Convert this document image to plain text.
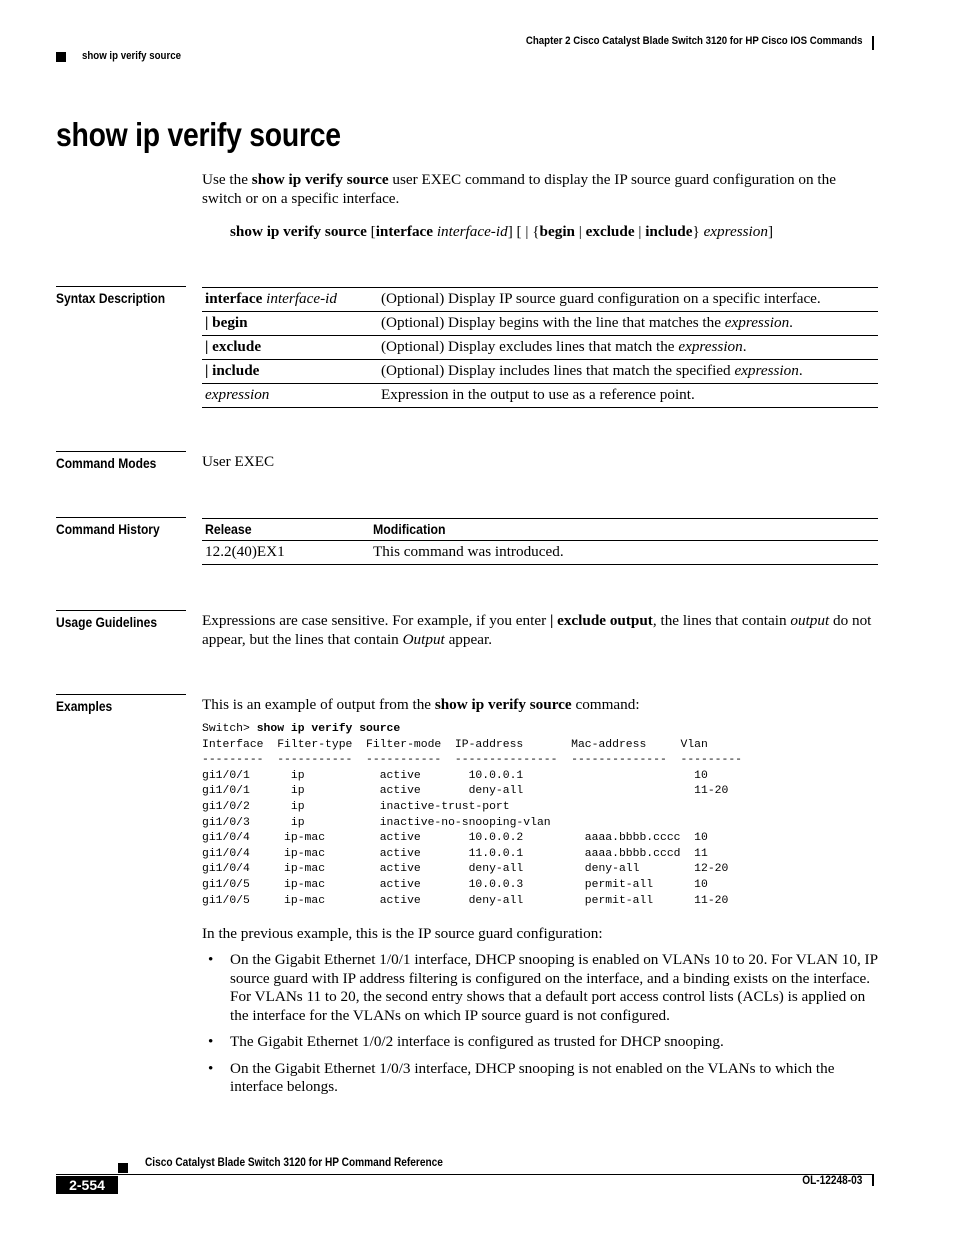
Chapter 2 Cisco Catalyst Blade Switch 3120 for HP Cisco IOS Commands
show ip verify source
show ip verify source
Use the show ip verify source user EXEC command to display the IP source guard configuration on the switch or on a specific interface.
show ip verify source [interface interface-id] [ | {begin | exclude | include} expression]
Syntax Description	interface interface-id	(Optional) Display IP source guard configuration on a specific interface.
| begin	(Optional) Display begins with the line that matches the expression.
| exclude	(Optional) Display excludes lines that match the expression.
| include	(Optional) Display includes lines that match the specified expression.
expression	Expression in the output to use as a reference point.
Command Modes	User EXEC
Command History	Release	Modification
12.2(40)EX1	This command was introduced.
Usage Guidelines	Expressions are case sensitive. For example, if you enter | exclude output, the lines that contain output do not appear, but the lines that contain Output appear.
Examples	This is an example of output from the show ip verify source command:
Switch> show ip verify source
Interface  Filter-type  Filter-mode  IP-address       Mac-address     Vlan
---------  -----------  -----------  ---------------  --------------  ---------
gi1/0/1      ip           active       10.0.0.1                         10
gi1/0/1      ip           active       deny-all                         11-20
gi1/0/2      ip           inactive-trust-port
gi1/0/3      ip           inactive-no-snooping-vlan
gi1/0/4     ip-mac        active       10.0.0.2         aaaa.bbbb.cccc  10
gi1/0/4     ip-mac        active       11.0.0.1         aaaa.bbbb.cccd  11
gi1/0/4     ip-mac        active       deny-all         deny-all        12-20
gi1/0/5     ip-mac        active       10.0.0.3         permit-all      10
gi1/0/5     ip-mac        active       deny-all         permit-all      11-20
In the previous example, this is the IP source guard configuration:
• On the Gigabit Ethernet 1/0/1 interface, DHCP snooping is enabled on VLANs 10 to 20. For VLAN 10, IP source guard with IP address filtering is configured on the interface, and a binding exists on the interface. For VLANs 11 to 20, the second entry shows that a default port access control lists (ACLs) is applied on the interface for the VLANs on which IP source guard is not configured.
• The Gigabit Ethernet 1/0/2 interface is configured as trusted for DHCP snooping.
• On the Gigabit Ethernet 1/0/3 interface, DHCP snooping is not enabled on the VLANs to which the interface belongs.
Cisco Catalyst Blade Switch 3120 for HP Command Reference
2-554	OL-12248-03
